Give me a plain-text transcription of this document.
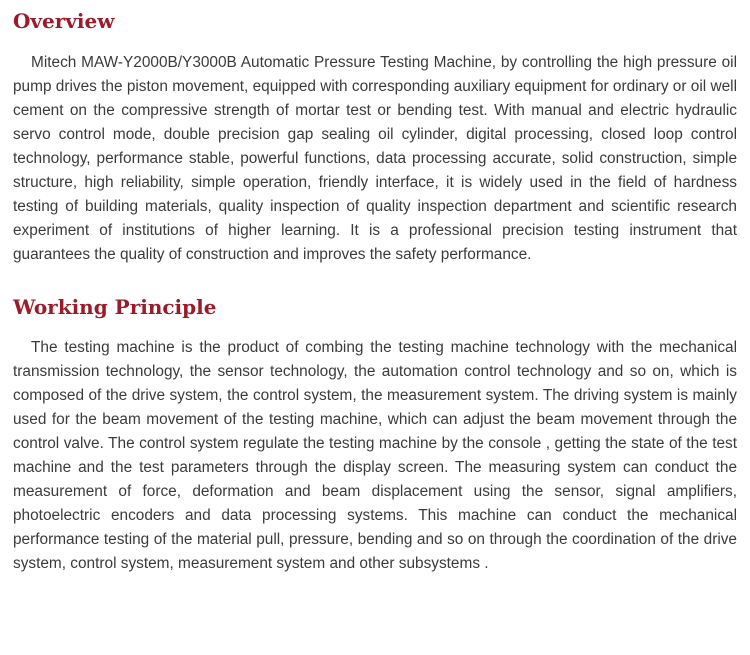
Overview

Mitech MAW-Y2000B/Y3000B Automatic Pressure Testing Machine, by controlling the high pressure oil pump drives the piston movement, equipped with corresponding auxiliary equipment for ordinary or oil well cement on the compressive strength of mortar test or bending test. With manual and electric hydraulic servo control mode, double precision gap sealing oil cylinder, digital processing, closed loop control technology, performance stable, powerful functions, data processing accurate, solid construction, simple structure, high reliability, simple operation, friendly interface, it is widely used in the field of hardness testing of building materials, quality inspection of quality inspection department and scientific research experiment of institutions of higher learning. It is a professional precision testing instrument that guarantees the quality of construction and improves the safety performance.

Working Principle

The testing machine is the product of combing the testing machine technology with the mechanical transmission technology, the sensor technology, the automation control technology and so on, which is composed of the drive system, the control system, the measurement system. The driving system is mainly used for the beam movement of the testing machine, which can adjust the beam movement through the control valve. The control system regulate the testing machine by the console , getting the state of the test machine and the test parameters through the display screen. The measuring system can conduct the measurement of force, deformation and beam displacement using the sensor, signal amplifiers, photoelectric encoders and data processing systems. This machine can conduct the mechanical performance testing of the material pull, pressure, bending and so on through the coordination of the drive system, control system, measurement system and other subsystems .
